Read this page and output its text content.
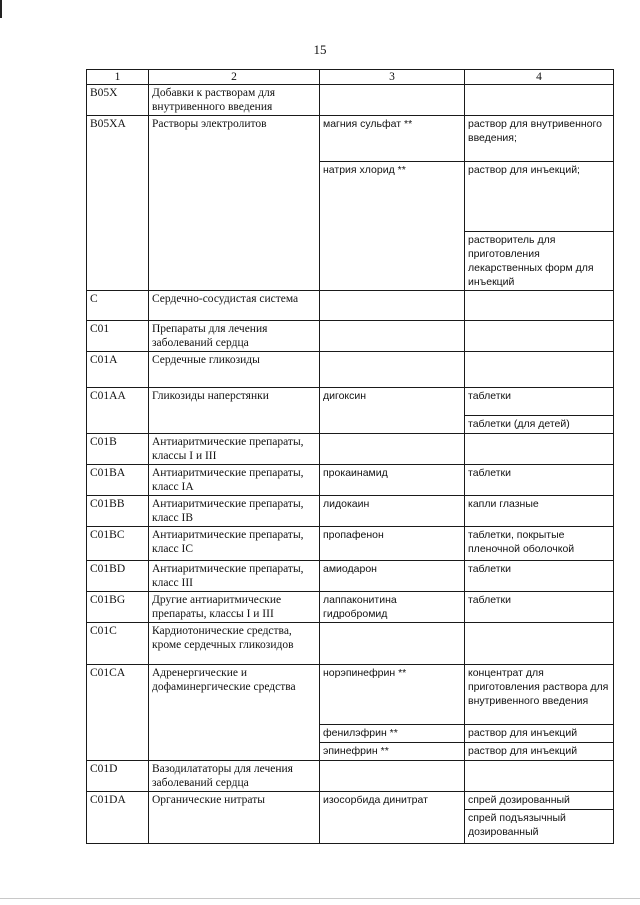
15
1	2	3	4
B05X	Добавки к растворам для внутривенного введения		
B05XA	Растворы электролитов	магния сульфат **	раствор для внутривенного введения;
		натрия хлорид **	раствор для инъекций;
			растворитель для приготовления лекарственных форм для инъекций
C	Сердечно-сосудистая система		
C01	Препараты для лечения заболеваний сердца		
C01A	Сердечные гликозиды		
C01AA	Гликозиды наперстянки	дигоксин	таблетки
			таблетки (для детей)
C01B	Антиаритмические препараты, классы I и III		
C01BA	Антиаритмические препараты, класс IA	прокаинамид	таблетки
C01BB	Антиаритмические препараты, класс IB	лидокаин	капли глазные
C01BC	Антиаритмические препараты, класс IC	пропафенон	таблетки, покрытые пленочной оболочкой
C01BD	Антиаритмические препараты, класс III	амиодарон	таблетки
C01BG	Другие антиаритмические препараты, классы I и III	лаппаконитина гидробромид	таблетки
C01C	Кардиотонические средства, кроме сердечных гликозидов		
C01CA	Адренергические и дофаминергические средства	норэпинефрин **	концентрат для приготовления раствора для внутривенного введения
		фенилэфрин **	раствор для инъекций
		эпинефрин **	раствор для инъекций
C01D	Вазодилататоры для лечения заболеваний сердца		
C01DA	Органические нитраты	изосорбида динитрат	спрей дозированный
			спрей подъязычный дозированный
